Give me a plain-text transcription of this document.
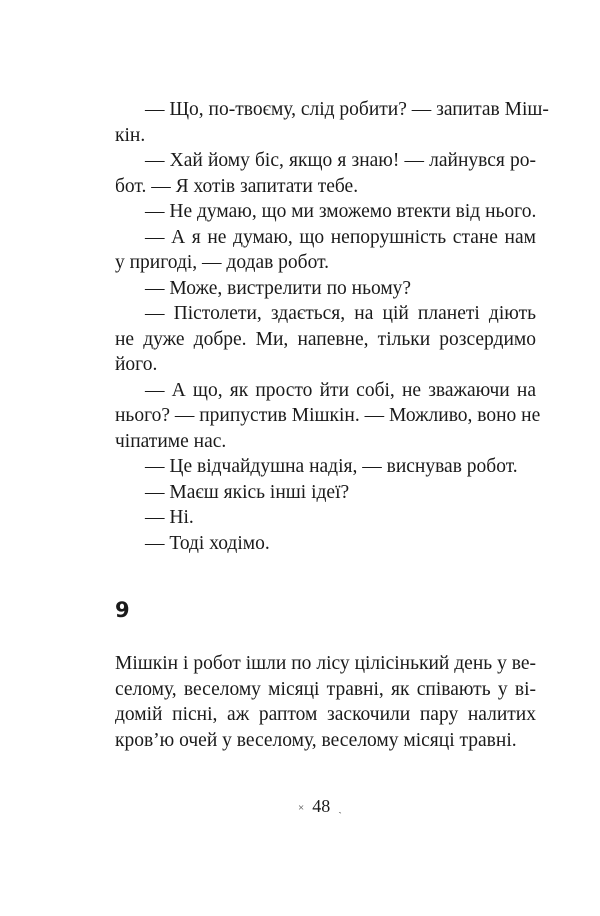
— Що, по-твоєму, слід робити? — запитав Міш-
кін.
— Хай йому біс, якщо я знаю! — лайнувся ро-
бот. — Я хотів запитати тебе.
— Не думаю, що ми зможемо втекти від нього.
— А я не думаю, що непорушність стане нам
у пригоді, — додав робот.
— Може, вистрелити по ньому?
— Пістолети, здається, на цій планеті діють
не дуже добре. Ми, напевне, тільки розсердимо
його.
— А що, як просто йти собі, не зважаючи на
нього? — припустив Мішкін. — Можливо, воно не
чіпатиме нас.
— Це відчайдушна надія, — виснував робот.
— Маєш якісь інші ідеї?
— Ні.
— Тоді ходімо.
9
Мішкін і робот ішли по лісу цілісінький день у ве-
селому, веселому місяці травні, як співають у ві-
домій пісні, аж раптом заскочили пару налитих
кров’ю очей у веселому, веселому місяці травні.
× 48 ˎ
